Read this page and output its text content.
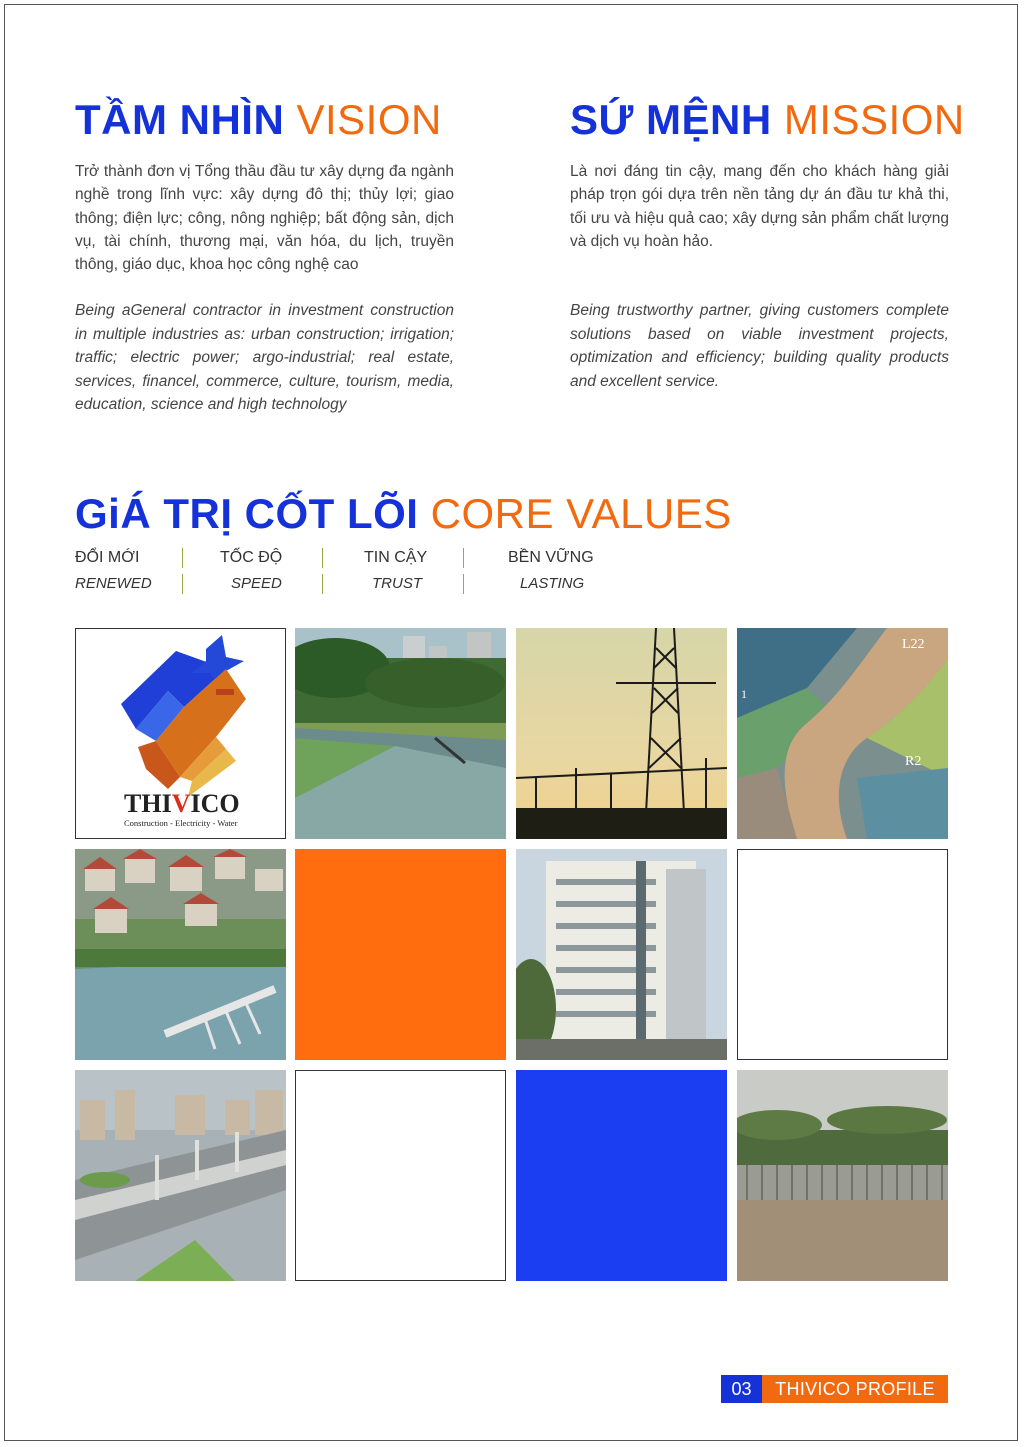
TẦM NHÌN VISION

Trở thành đơn vị Tổng thầu đầu tư xây dựng đa ngành nghề trong lĩnh vực: xây dựng đô thị; thủy lợi; giao thông; điện lực; công, nông nghiệp; bất động sản, dịch vụ, tài chính, thương mại, văn hóa, du lịch, truyền thông, giáo dục, khoa học công nghệ cao

Being aGeneral contractor in investment construction in multiple industries as: urban construction; irrigation; traffic; electric power; argo-industrial; real estate, services, financel, commerce, culture, tourism, media, education, science and high technology

SỨ MỆNH MISSION

Là nơi đáng tin cậy, mang đến cho khách hàng giải pháp trọn gói dựa trên nền tảng dự án đầu tư khả thi, tối ưu và hiệu quả cao; xây dựng sản phẩm chất lượng và dịch vụ hoàn hảo.

Being trustworthy partner, giving customers complete solutions based on viable investment projects, optimization and efficiency; building quality products and excellent service.

GiÁ TRỊ CỐT LÕI CORE VALUES
ĐỔI MỚI
RENEWED
TỐC ĐỘ
SPEED
TIN CẬY
TRUST
BỀN VỮNG
LASTING
THIVICO
Construction - Electricity - Water
L22
R2
1
03	THIVICO PROFILE
